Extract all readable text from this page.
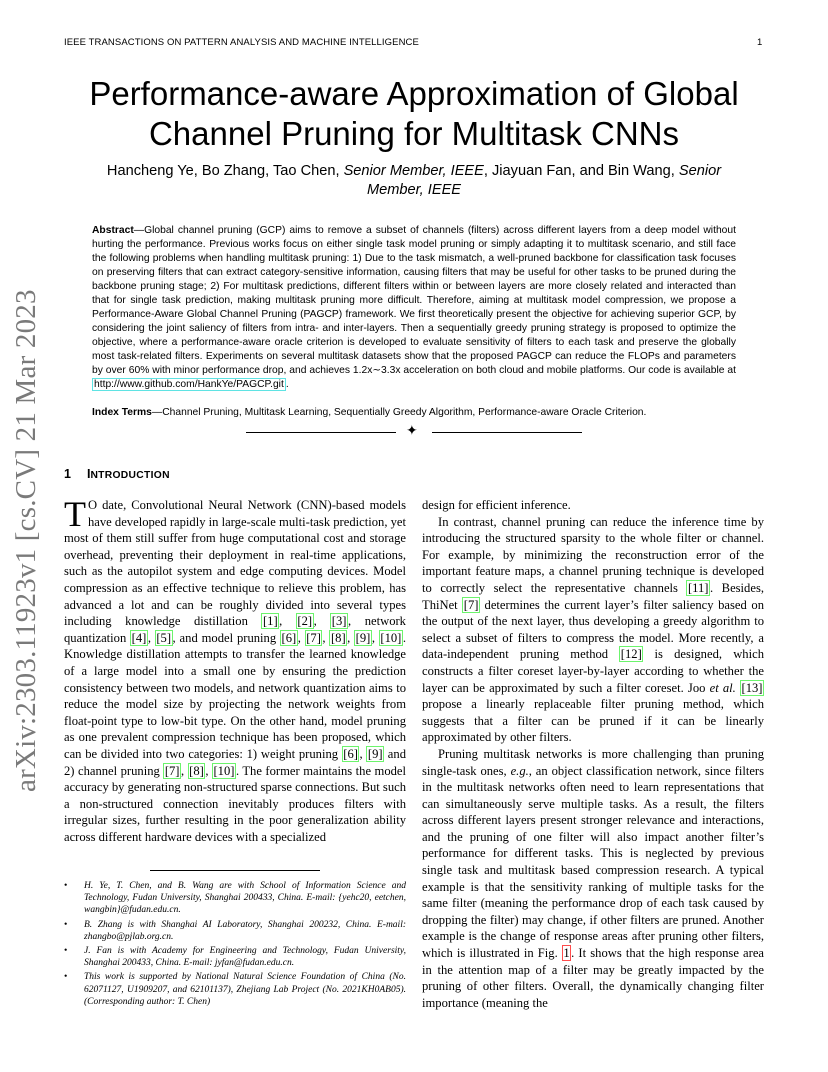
IEEE TRANSACTIONS ON PATTERN ANALYSIS AND MACHINE INTELLIGENCE	1
arXiv:2303.11923v1 [cs.CV] 21 Mar 2023
Performance-aware Approximation of Global Channel Pruning for Multitask CNNs
Hancheng Ye, Bo Zhang, Tao Chen, Senior Member, IEEE, Jiayuan Fan, and Bin Wang, Senior Member, IEEE
Abstract—Global channel pruning (GCP) aims to remove a subset of channels (filters) across different layers from a deep model without hurting the performance. Previous works focus on either single task model pruning or simply adapting it to multitask scenario, and still face the following problems when handling multitask pruning: 1) Due to the task mismatch, a well-pruned backbone for classification task focuses on preserving filters that can extract category-sensitive information, causing filters that may be useful for other tasks to be pruned during the backbone pruning stage; 2) For multitask predictions, different filters within or between layers are more closely related and interacted than that for single task prediction, making multitask pruning more difficult. Therefore, aiming at multitask model compression, we propose a Performance-Aware Global Channel Pruning (PAGCP) framework. We first theoretically present the objective for achieving superior GCP, by considering the joint saliency of filters from intra- and inter-layers. Then a sequentially greedy pruning strategy is proposed to optimize the objective, where a performance-aware oracle criterion is developed to evaluate sensitivity of filters to each task and preserve the globally most task-related filters. Experiments on several multitask datasets show that the proposed PAGCP can reduce the FLOPs and parameters by over 60% with minor performance drop, and achieves 1.2x∼3.3x acceleration on both cloud and mobile platforms. Our code is available at http://www.github.com/HankYe/PAGCP.git .
Index Terms—Channel Pruning, Multitask Learning, Sequentially Greedy Algorithm, Performance-aware Oracle Criterion.
✦
1 INTRODUCTION

T O date, Convolutional Neural Network (CNN)-based models have developed rapidly in large-scale multi-task prediction, yet most of them still suffer from huge computational cost and storage overhead, preventing their deployment in real-time applications, such as the autopilot system and edge computing devices. Model compression as an effective technique to relieve this problem, has advanced a lot and can be roughly divided into several types including knowledge distillation [1] , [2] , [3] , network quantization [4] , [5] , and model pruning [6] , [7] , [8] , [9] , [10] . Knowledge distillation attempts to transfer the learned knowledge of a large model into a small one by ensuring the prediction consistency between two models, and network quantization aims to reduce the model size by projecting the network weights from float-point type to low-bit type. On the other hand, model pruning as one prevalent compression technique has been proposed, which can be divided into two categories: 1) weight pruning [6] , [9] and 2) channel pruning [7] , [8] , [10] . The former maintains the model accuracy by generating non-structured sparse connections. But such a non-structured connection inevitably produces filters with irregular sizes, further resulting in the poor generalization ability across different hardware devices with a specialized

design for efficient inference.

In contrast, channel pruning can reduce the inference time by introducing the structured sparsity to the whole filter or channel. For example, by minimizing the reconstruction error of the important feature maps, a channel pruning technique is developed to correctly select the representative channels [11] . Besides, ThiNet [7] determines the current layer’s filter saliency based on the output of the next layer, thus developing a greedy algorithm to select a subset of filters to compress the model. More recently, a data-independent pruning method [12] is designed, which constructs a filter coreset layer-by-layer according to whether the layer can be approximated by such a filter coreset. Joo et al. [13] propose a linearly replaceable filter pruning method, which suggests that a filter can be pruned if it can be linearly approximated by other filters.

Pruning multitask networks is more challenging than pruning single-task ones, e.g., an object classification network, since filters in the multitask networks often need to learn representations that can simultaneously serve multiple tasks. As a result, the filters across different layers present stronger relevance and interactions, and the pruning of one filter will also impact another filter’s performance for different tasks. This is neglected by previous single task and multitask based compression research. A typical example is that the sensitivity ranking of multiple tasks for the same filter (meaning the performance drop of each task caused by dropping the filter) may change, if other filters are pruned. Another example is the change of response areas after pruning other filters, which is illustrated in Fig. 1 . It shows that the high response area in the attention map of a filter may be greatly impacted by the pruning of other filters. Overall, the dynamically changing filter importance (meaning the

• H. Ye, T. Chen, and B. Wang are with School of Information Science and Technology, Fudan University, Shanghai 200433, China. E-mail: {yehc20, eetchen, wangbin}@fudan.edu.cn.
• B. Zhang is with Shanghai AI Laboratory, Shanghai 200232, China. E-mail: zhangbo@pjlab.org.cn.
• J. Fan is with Academy for Engineering and Technology, Fudan University, Shanghai 200433, China. E-mail: jyfan@fudan.edu.cn.
• This work is supported by National Natural Science Foundation of China (No. 62071127, U1909207, and 62101137), Zhejiang Lab Project (No. 2021KH0AB05). (Corresponding author: T. Chen)
